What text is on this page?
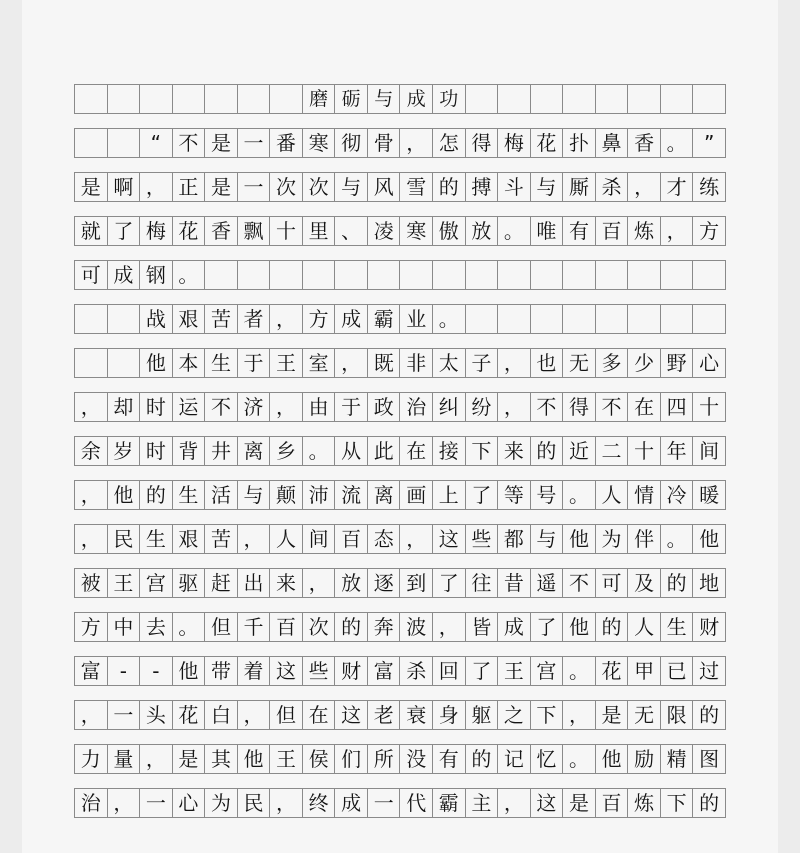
磨 砺 与 成 功
“ 不 是 一 番 寒 彻 骨 ， 怎 得 梅 花 扑 鼻 香 。 ”
是 啊 ， 正 是 一 次 次 与 风 雪 的 搏 斗 与 厮 杀 ， 才 练
就 了 梅 花 香 飘 十 里 、 凌 寒 傲 放 。 唯 有 百 炼 ， 方
可 成 钢 。
战 艰 苦 者 ， 方 成 霸 业 。
他 本 生 于 王 室 ， 既 非 太 子 ， 也 无 多 少 野 心
， 却 时 运 不 济 ， 由 于 政 治 纠 纷 ， 不 得 不 在 四 十
余 岁 时 背 井 离 乡 。 从 此 在 接 下 来 的 近 二 十 年 间
， 他 的 生 活 与 颠 沛 流 离 画 上 了 等 号 。 人 情 冷 暖
， 民 生 艰 苦 ， 人 间 百 态 ， 这 些 都 与 他 为 伴 。 他
被 王 宫 驱 赶 出 来 ， 放 逐 到 了 往 昔 遥 不 可 及 的 地
方 中 去 。 但 千 百 次 的 奔 波 ， 皆 成 了 他 的 人 生 财
富 -	- 他 带 着 这 些 财 富 杀 回 了 王 宫 。 花 甲 已 过
， 一 头 花 白 ， 但 在 这 老 衰 身 躯 之 下 ， 是 无 限 的
力 量 ， 是 其 他 王 侯 们 所 没 有 的 记 忆 。 他 励 精 图
治 ， 一 心 为 民 ， 终 成 一 代 霸 主 ， 这 是 百 炼 下 的
